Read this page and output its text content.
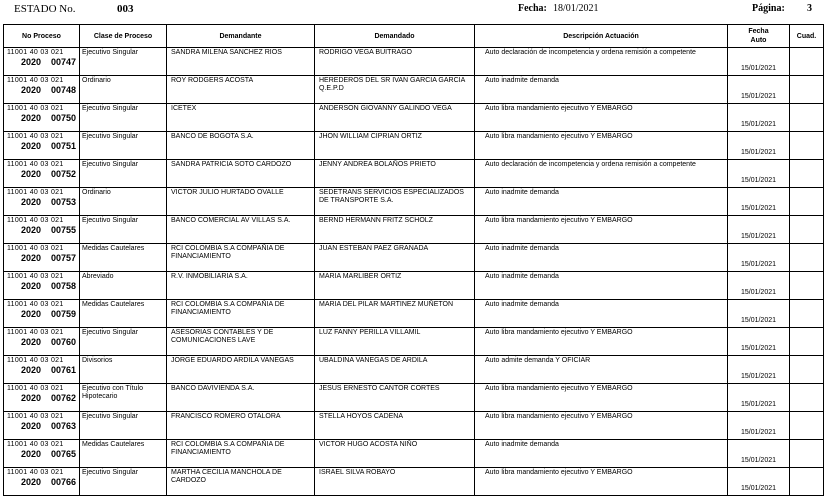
ESTADO No.	003	Fecha: 18/01/2021	Página: 3
No Proceso	Clase de Proceso	Demandante	Demandado	Descripción Actuación	Fecha
Auto	Cuad.

11001 40 03 021
2020 00747	Ejecutivo Singular	SANDRA MILENA SANCHEZ RIOS	RODRIGO VEGA BUITRAGO	Auto declaración de incompetencia y ordena remisión a competente	15/01/2021	

11001 40 03 021
2020 00748	Ordinario	ROY RODGERS ACOSTA	HEREDEROS DEL SR IVAN GARCIA GARCIA Q.E.P.D	Auto inadmite demanda	15/01/2021	

11001 40 03 021
2020 00750	Ejecutivo Singular	ICETEX	ANDERSON GIOVANNY GALINDO VEGA	Auto libra mandamiento ejecutivo Y EMBARGO	15/01/2021	

11001 40 03 021
2020 00751	Ejecutivo Singular	BANCO DE BOGOTA S.A.	JHON WILLIAM CIPRIAN ORTIZ	Auto libra mandamiento ejecutivo Y EMBARGO	15/01/2021	

11001 40 03 021
2020 00752	Ejecutivo Singular	SANDRA PATRICIA SOTO CARDOZO	JENNY ANDREA BOLAÑOS PRIETO	Auto declaración de incompetencia y ordena remisión a competente	15/01/2021	

11001 40 03 021
2020 00753	Ordinario	VICTOR JULIO HURTADO OVALLE	SEDETRANS SERVICIOS ESPECIALIZADOS DE TRANSPORTE S.A.	Auto inadmite demanda	15/01/2021	

11001 40 03 021
2020 00755	Ejecutivo Singular	BANCO COMERCIAL AV VILLAS S.A.	BERND HERMANN FRITZ SCHOLZ	Auto libra mandamiento ejecutivo Y EMBARGO	15/01/2021	

11001 40 03 021
2020 00757	Medidas Cautelares	RCI COLOMBIA S.A COMPAÑIA DE FINANCIAMIENTO	JUAN ESTEBAN PAEZ GRANADA	Auto inadmite demanda	15/01/2021	

11001 40 03 021
2020 00758	Abreviado	R.V. INMOBILIARIA S.A.	MARIA MARLIBER ORTIZ	Auto inadmite demanda	15/01/2021	

11001 40 03 021
2020 00759	Medidas Cautelares	RCI COLOMBIA S.A COMPAÑIA DE FINANCIAMIENTO	MARIA DEL PILAR MARTINEZ MUÑETON	Auto inadmite demanda	15/01/2021	

11001 40 03 021
2020 00760	Ejecutivo Singular	ASESORIAS CONTABLES Y DE COMUNICACIONES LAVE	LUZ FANNY PERILLA VILLAMIL	Auto libra mandamiento ejecutivo Y EMBARGO	15/01/2021	

11001 40 03 021
2020 00761	Divisorios	JORGE EDUARDO ARDILA VANEGAS	UBALDINA VANEGAS DE ARDILA	Auto admite demanda Y OFICIAR	15/01/2021	

11001 40 03 021
2020 00762	Ejecutivo con Título Hipotecario	BANCO DAVIVIENDA S.A.	JESUS ERNESTO CANTOR CORTES	Auto libra mandamiento ejecutivo Y EMBARGO	15/01/2021	

11001 40 03 021
2020 00763	Ejecutivo Singular	FRANCISCO ROMERO OTALORA	STELLA HOYOS CADENA	Auto libra mandamiento ejecutivo Y EMBARGO	15/01/2021	

11001 40 03 021
2020 00765	Medidas Cautelares	RCI COLOMBIA S.A COMPAÑIA DE FINANCIAMIENTO	VICTOR HUGO ACOSTA NIÑO	Auto inadmite demanda	15/01/2021	

11001 40 03 021
2020 00766	Ejecutivo Singular	MARTHA CECILIA MANCHOLA DE CARDOZO	ISRAEL SILVA ROBAYO	Auto libra mandamiento ejecutivo Y EMBARGO	15/01/2021	
